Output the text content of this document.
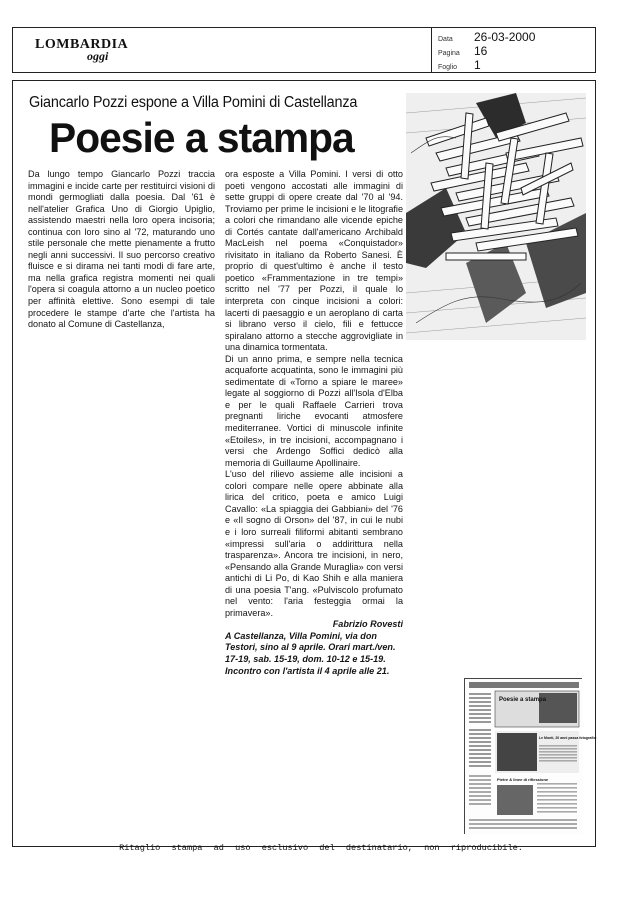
LOMBARDIA
oggi
Data	26-03-2000
Pagina	16
Foglio	1
Giancarlo Pozzi espone a Villa Pomini di Castellanza
Poesie a stampa

Da lungo tempo Giancarlo Pozzi traccia immagini e incide carte per restituirci visioni di mondi germogliati dalla poesia. Dal '61 è nell'atelier Grafica Uno di Giorgio Upiglio, assistendo maestri nella loro opera incisoria; continua con loro sino al '72, maturando uno stile personale che mette pienamente a frutto negli anni successivi. Il suo percorso creativo fluisce e si dirama nei tanti modi di fare arte, ma nella grafica registra momenti nei quali l'opera si coagula attorno a un nucleo poetico per affinità elettive. Sono esempi di tale procedere le stampe d'arte che l'artista ha donato al Comune di Castellanza,

ora esposte a Villa Pomini. I versi di otto poeti vengono accostati alle immagini di sette gruppi di opere create dal '70 al '94. Troviamo per prime le incisioni e le litografie a colori che rimandano alle vicende epiche di Cortés cantate dall'americano Archibald MacLeish nel poema «Conquistador» rivisitato in italiano da Roberto Sanesi. È proprio di quest'ultimo è anche il testo poetico «Frammentazione in tre tempi» scritto nel '77 per Pozzi, il quale lo interpreta con cinque incisioni a colori: lacerti di paesaggio e un aeroplano di carta si librano verso il cielo, fili e fettucce spiralano attorno a stecche aggrovigliate in una dinamica tormentata.

Di un anno prima, e sempre nella tecnica acquaforte acquatinta, sono le immagini più sedimentate di «Torno a spiare le maree» legate al soggiorno di Pozzi all'Isola d'Elba e per le quali Raffaele Carrieri trova pregnanti liriche evocanti atmosfere mediterranee. Vortici di minuscole infinite «Etoiles», in tre incisioni, accompagnano i versi che Ardengo Soffici dedicò alla memoria di Guillaume Apollinaire.

L'uso del rilievo assieme alle incisioni a colori compare nelle opere abbinate alla lirica del critico, poeta e amico Luigi Cavallo: «La spiaggia dei Gabbiani» del '76 e «Il sogno di Orson» del '87, in cui le nubi e i loro surreali filiformi abitanti sembrano «impressi sull'aria o addirittura nella trasparenza». Ancora tre incisioni, in nero, «Pensando alla Grande Muraglia» con versi antichi di Li Po, di Kao Shih e alla maniera di una poesia T'ang. «Pulviscolo profumato nel vento: l'aria festeggia ormai la primavera».

Fabrizio Rovesti

A Castellanza, Villa Pomini, via don Testori, sino al 9 aprile. Orari mart./ven. 17-19, sab. 15-19, dom. 10-12 e 15-19. Incontro con l'artista il 4 aprile alle 21.

Poesie a stampa
Le Monti, 20 anni passa fotografici
Pietre & linee di riflessione
Ritaglio stampa ad uso esclusivo del destinatario, non riproducibile.
